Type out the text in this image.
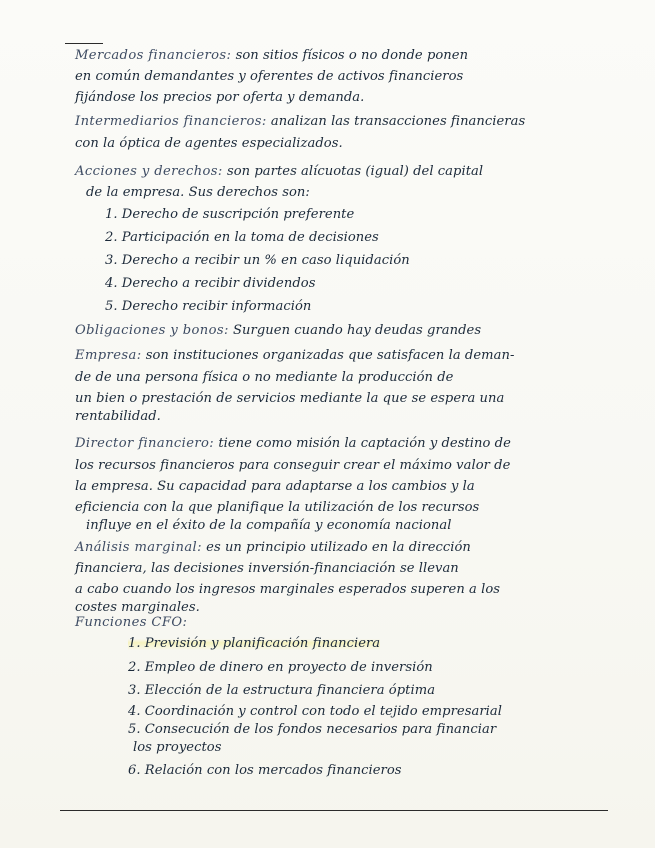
Mercados financieros: son sitios físicos o no donde ponen
en común demandantes y oferentes de activos financieros
fijándose los precios por oferta y demanda.
Intermediarios financieros: analizan las transacciones financieras
con la óptica de agentes especializados.
Acciones y derechos: son partes alícuotas (igual) del capital
de la empresa. Sus derechos son:
1. Derecho de suscripción preferente
2. Participación en la toma de decisiones
3. Derecho a recibir un % en caso liquidación
4. Derecho a recibir dividendos
5. Derecho recibir información
Obligaciones y bonos: Surguen cuando hay deudas grandes
Empresa: son instituciones organizadas que satisfacen la deman-
de de una persona física o no mediante la producción de
un bien o prestación de servicios mediante la que se espera una
rentabilidad.
Director financiero: tiene como misión la captación y destino de
los recursos financieros para conseguir crear el máximo valor de
la empresa. Su capacidad para adaptarse a los cambios y la
eficiencia con la que planifique la utilización de los recursos
influye en el éxito de la compañía y economía nacional
Análisis marginal: es un principio utilizado en la dirección
financiera, las decisiones inversión-financiación se llevan
a cabo cuando los ingresos marginales esperados superen a los
costes marginales.
Funciones CFO:
1. Previsión y planificación financiera
2. Empleo de dinero en proyecto de inversión
3. Elección de la estructura financiera óptima
4. Coordinación y control con todo el tejido empresarial
5. Consecución de los fondos necesarios para financiar
los proyectos
6. Relación con los mercados financieros
